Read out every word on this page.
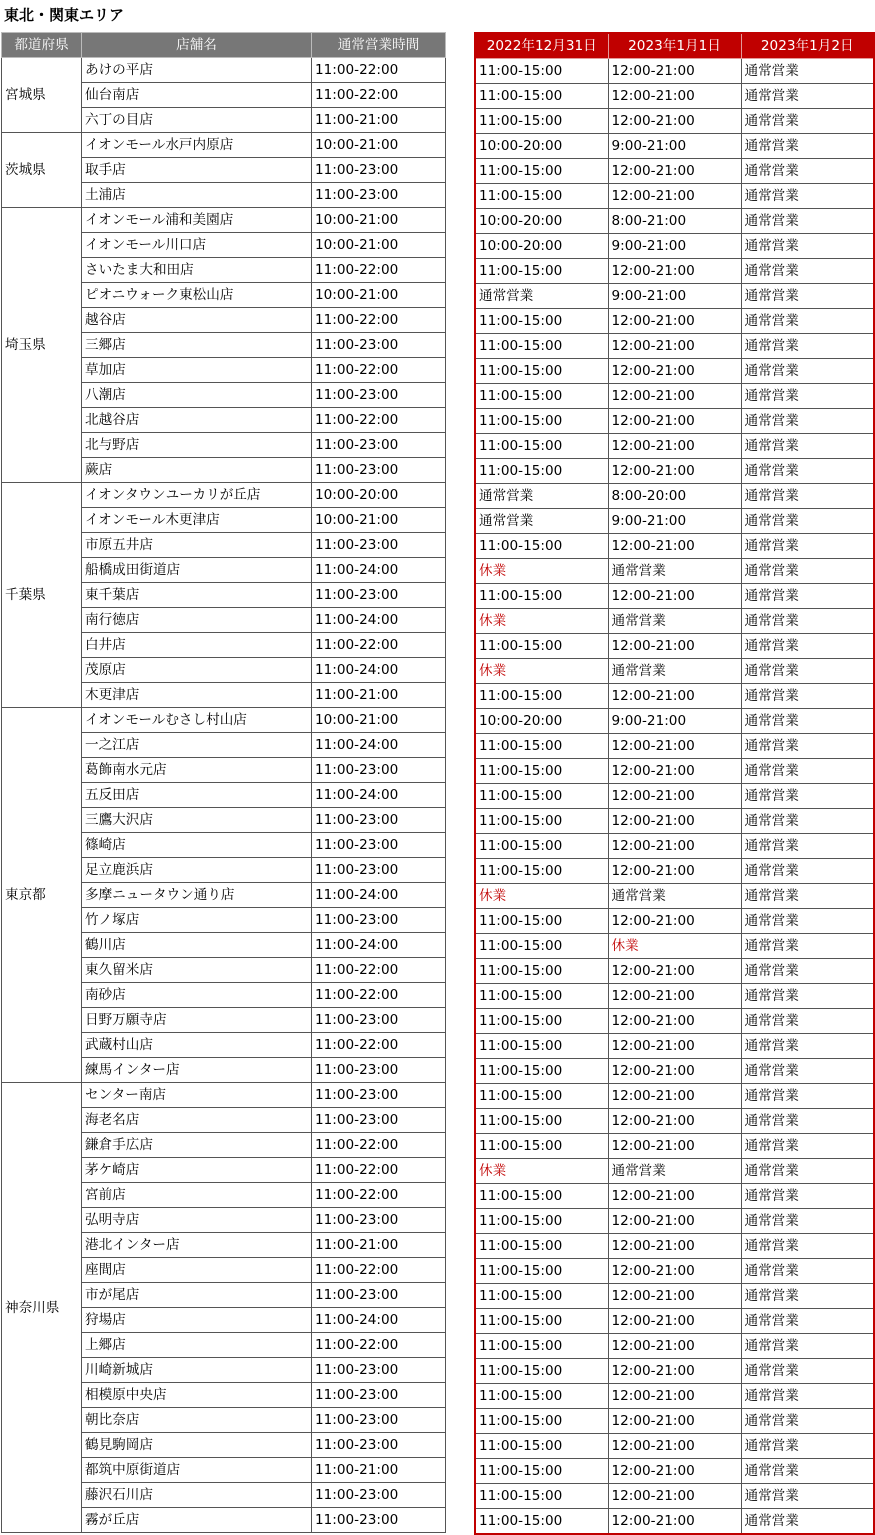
東北・関東エリア
都道府県	店舗名	通常営業時間
宮城県	あけの平店	11:00-22:00
	仙台南店	11:00-22:00
	六丁の目店	11:00-21:00
茨城県	イオンモール水戸内原店	10:00-21:00
	取手店	11:00-23:00
	土浦店	11:00-23:00
埼玉県	イオンモール浦和美園店	10:00-21:00
	イオンモール川口店	10:00-21:00
	さいたま大和田店	11:00-22:00
	ピオニウォーク東松山店	10:00-21:00
	越谷店	11:00-22:00
	三郷店	11:00-23:00
	草加店	11:00-22:00
	八潮店	11:00-23:00
	北越谷店	11:00-22:00
	北与野店	11:00-23:00
	蕨店	11:00-23:00
千葉県	イオンタウンユーカリが丘店	10:00-20:00
	イオンモール木更津店	10:00-21:00
	市原五井店	11:00-23:00
	船橋成田街道店	11:00-24:00
	東千葉店	11:00-23:00
	南行徳店	11:00-24:00
	白井店	11:00-22:00
	茂原店	11:00-24:00
	木更津店	11:00-21:00
東京都	イオンモールむさし村山店	10:00-21:00
	一之江店	11:00-24:00
	葛飾南水元店	11:00-23:00
	五反田店	11:00-24:00
	三鷹大沢店	11:00-23:00
	篠崎店	11:00-23:00
	足立鹿浜店	11:00-23:00
	多摩ニュータウン通り店	11:00-24:00
	竹ノ塚店	11:00-23:00
	鶴川店	11:00-24:00
	東久留米店	11:00-22:00
	南砂店	11:00-22:00
	日野万願寺店	11:00-23:00
	武蔵村山店	11:00-22:00
	練馬インター店	11:00-23:00
神奈川県	センター南店	11:00-23:00
	海老名店	11:00-23:00
	鎌倉手広店	11:00-22:00
	茅ケ崎店	11:00-22:00
	宮前店	11:00-22:00
	弘明寺店	11:00-23:00
	港北インター店	11:00-21:00
	座間店	11:00-22:00
	市が尾店	11:00-23:00
	狩場店	11:00-24:00
	上郷店	11:00-22:00
	川崎新城店	11:00-23:00
	相模原中央店	11:00-23:00
	朝比奈店	11:00-23:00
	鶴見駒岡店	11:00-23:00
	都筑中原街道店	11:00-21:00
	藤沢石川店	11:00-23:00
	霧が丘店	11:00-23:00
2022年12月31日	2023年1月1日	2023年1月2日
11:00-15:00	12:00-21:00	通常営業
11:00-15:00	12:00-21:00	通常営業
11:00-15:00	12:00-21:00	通常営業
10:00-20:00	9:00-21:00	通常営業
11:00-15:00	12:00-21:00	通常営業
11:00-15:00	12:00-21:00	通常営業
10:00-20:00	8:00-21:00	通常営業
10:00-20:00	9:00-21:00	通常営業
11:00-15:00	12:00-21:00	通常営業
通常営業	9:00-21:00	通常営業
11:00-15:00	12:00-21:00	通常営業
11:00-15:00	12:00-21:00	通常営業
11:00-15:00	12:00-21:00	通常営業
11:00-15:00	12:00-21:00	通常営業
11:00-15:00	12:00-21:00	通常営業
11:00-15:00	12:00-21:00	通常営業
11:00-15:00	12:00-21:00	通常営業
通常営業	8:00-20:00	通常営業
通常営業	9:00-21:00	通常営業
11:00-15:00	12:00-21:00	通常営業
休業	通常営業	通常営業
11:00-15:00	12:00-21:00	通常営業
休業	通常営業	通常営業
11:00-15:00	12:00-21:00	通常営業
休業	通常営業	通常営業
11:00-15:00	12:00-21:00	通常営業
10:00-20:00	9:00-21:00	通常営業
11:00-15:00	12:00-21:00	通常営業
11:00-15:00	12:00-21:00	通常営業
11:00-15:00	12:00-21:00	通常営業
11:00-15:00	12:00-21:00	通常営業
11:00-15:00	12:00-21:00	通常営業
11:00-15:00	12:00-21:00	通常営業
休業	通常営業	通常営業
11:00-15:00	12:00-21:00	通常営業
11:00-15:00	休業	通常営業
11:00-15:00	12:00-21:00	通常営業
11:00-15:00	12:00-21:00	通常営業
11:00-15:00	12:00-21:00	通常営業
11:00-15:00	12:00-21:00	通常営業
11:00-15:00	12:00-21:00	通常営業
11:00-15:00	12:00-21:00	通常営業
11:00-15:00	12:00-21:00	通常営業
11:00-15:00	12:00-21:00	通常営業
休業	通常営業	通常営業
11:00-15:00	12:00-21:00	通常営業
11:00-15:00	12:00-21:00	通常営業
11:00-15:00	12:00-21:00	通常営業
11:00-15:00	12:00-21:00	通常営業
11:00-15:00	12:00-21:00	通常営業
11:00-15:00	12:00-21:00	通常営業
11:00-15:00	12:00-21:00	通常営業
11:00-15:00	12:00-21:00	通常営業
11:00-15:00	12:00-21:00	通常営業
11:00-15:00	12:00-21:00	通常営業
11:00-15:00	12:00-21:00	通常営業
11:00-15:00	12:00-21:00	通常営業
11:00-15:00	12:00-21:00	通常営業
11:00-15:00	12:00-21:00	通常営業
